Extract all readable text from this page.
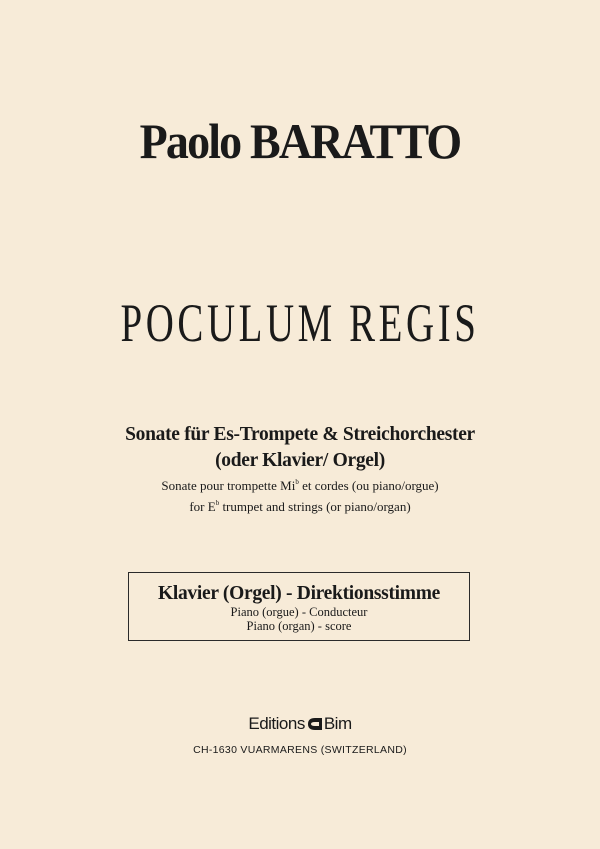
Paolo BARATTO
POCULUM REGIS
Sonate für Es-Trompete & Streichorchester
(oder Klavier/ Orgel)
Sonate pour trompette Mi$^b$ et cordes (ou piano/orgue)
for $E^b$ trumpet and strings (or piano/organ)
Klavier (Orgel) - Direktionsstimme
Piano (orgue) - Conducteur
Piano (organ) - score
Editions Bim
CH-1630 VUARMARENS (SWITZERLAND)
